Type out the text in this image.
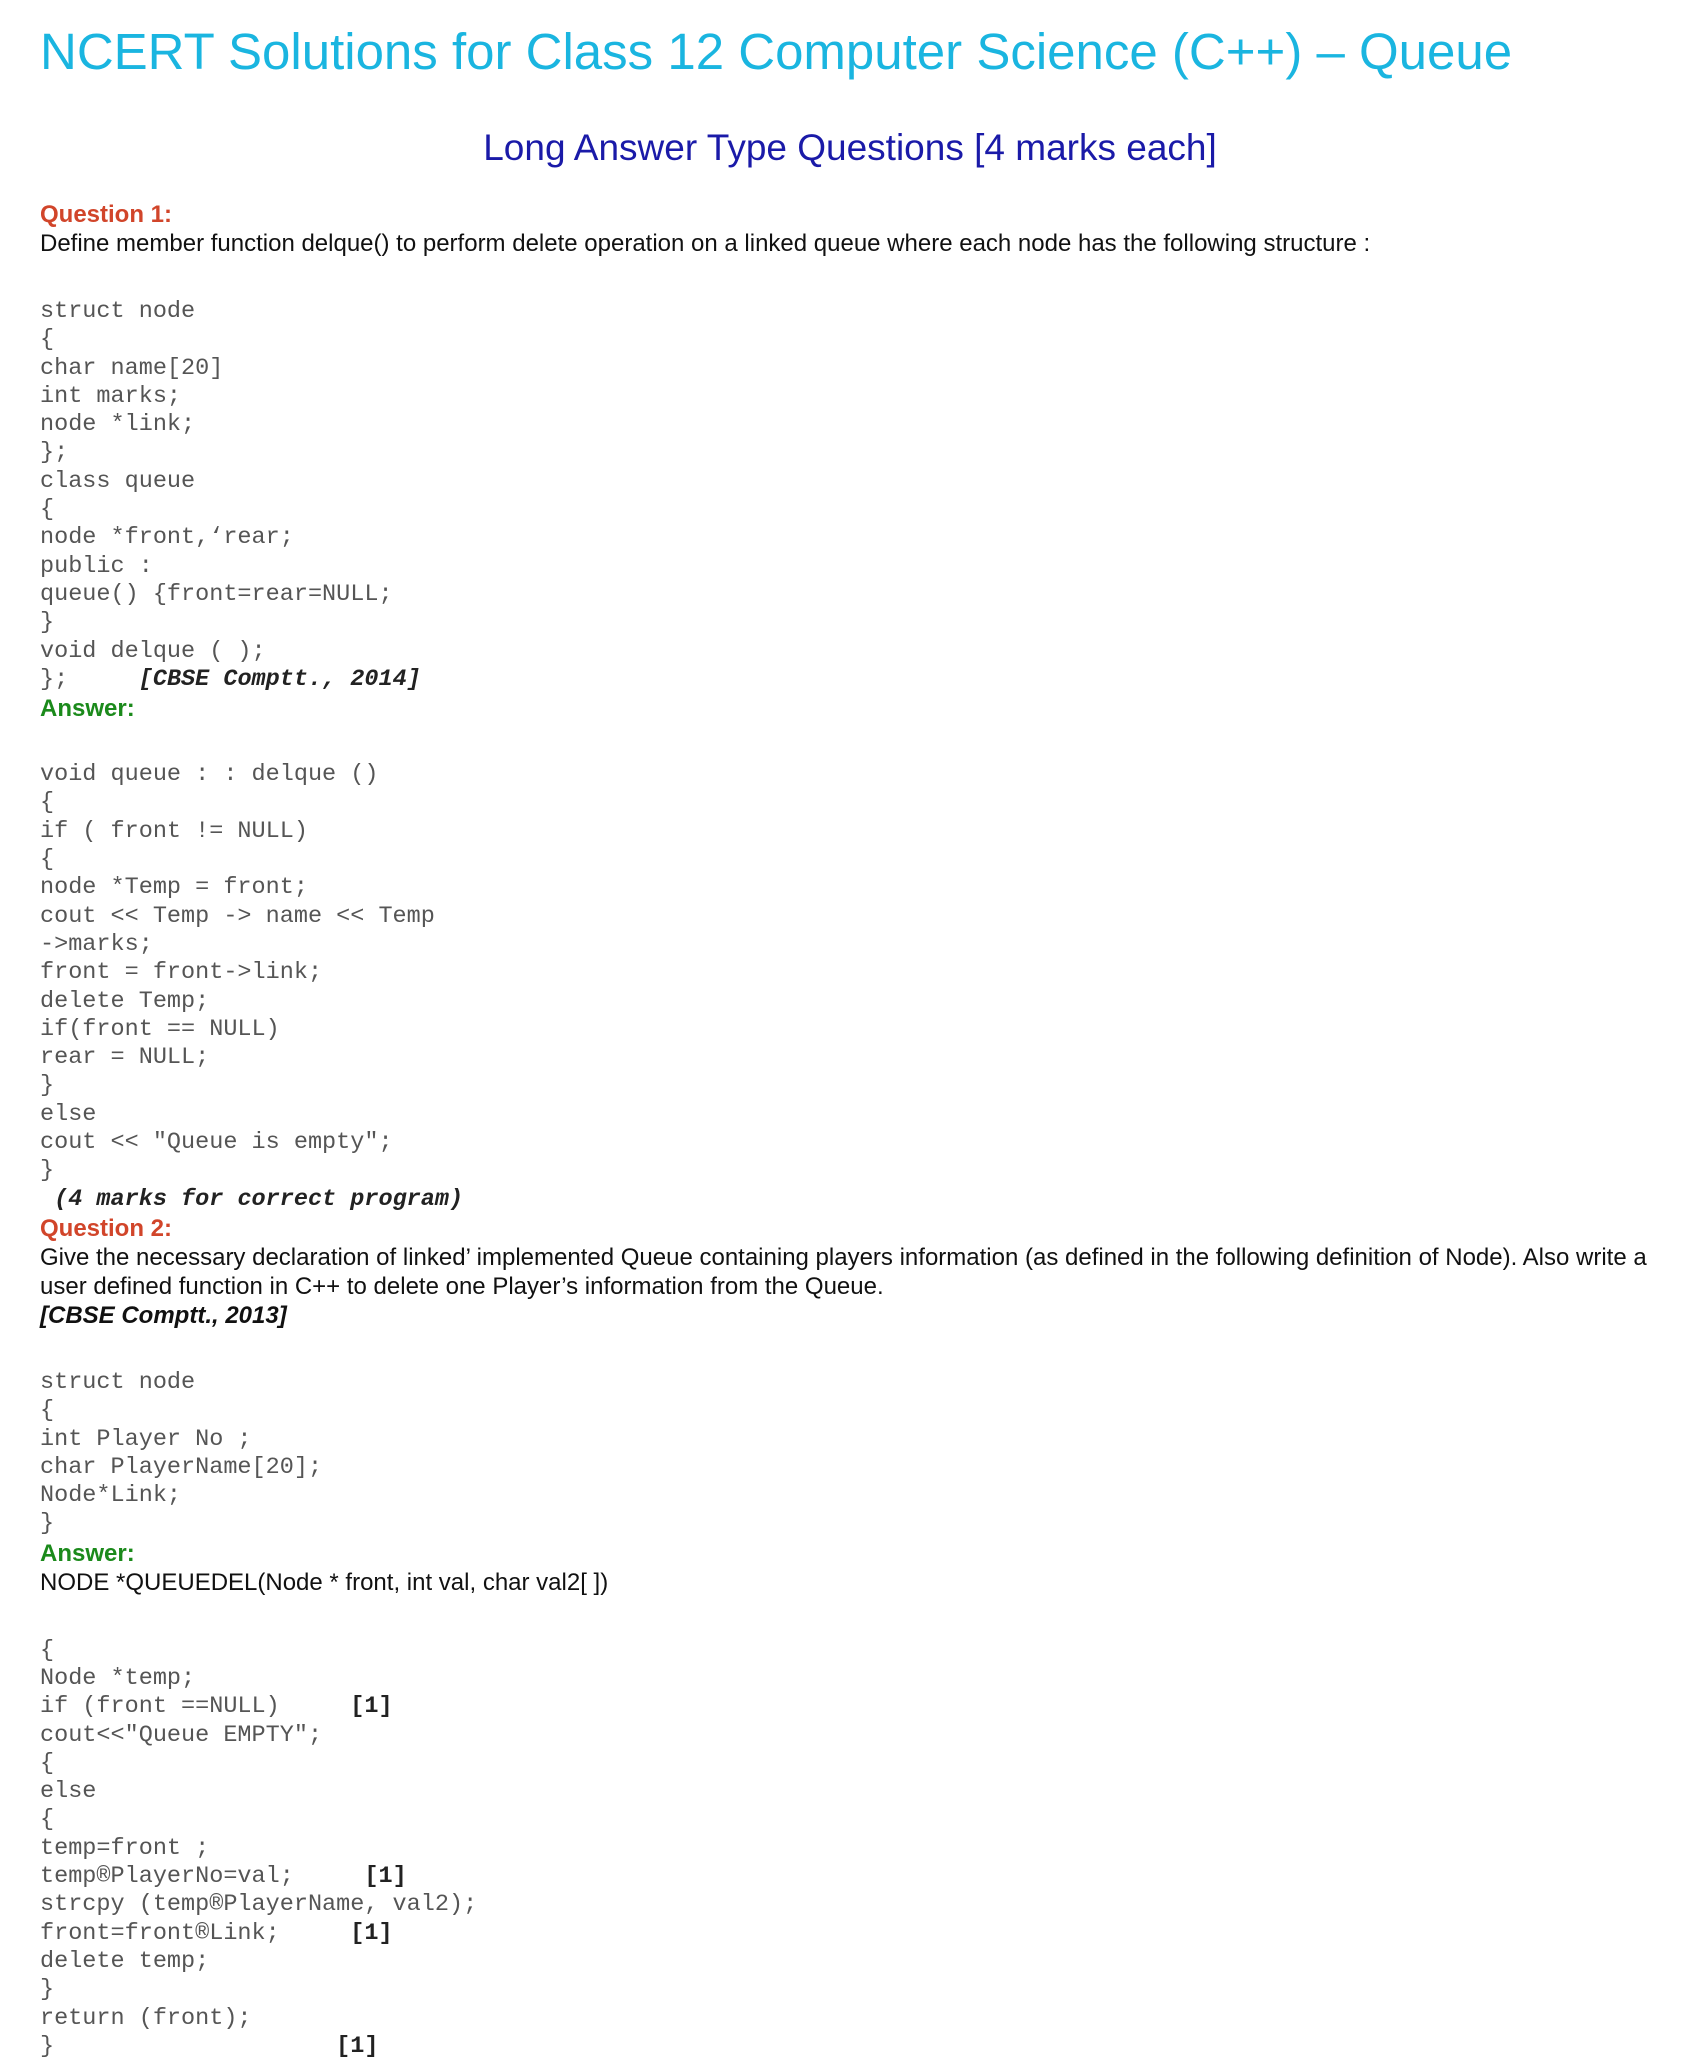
NCERT Solutions for Class 12 Computer Science (C++) – Queue
Long Answer Type Questions [4 marks each]
Question 1:
Define member function delque() to perform delete operation on a linked queue where each node has the following structure :
struct node
{
char name[20]
int marks;
node *link;
};
class queue
{
node *front,‘rear;
public :
queue() {front=rear=NULL;
}
void delque ( );
};	[CBSE Comptt., 2014]
Answer:
void queue : : delque ()
{
if ( front != NULL)
{
node *Temp = front;
cout << Temp -> name << Temp
->marks;
front = front->link;
delete Temp;
if(front == NULL)
rear = NULL;
}
else
cout << "Queue is empty";
}
(4 marks for correct program)
Question 2:
Give the necessary declaration of linked’ implemented Queue containing players information (as defined in the following definition of Node). Also write a user defined function in C++ to delete one Player’s information from the Queue.
[CBSE Comptt., 2013]
struct node
{
int Player No ;
char PlayerName[20];
Node*Link;
}
Answer:
NODE *QUEUEDEL(Node * front, int val, char val2[ ])
{
Node *temp;
if (front ==NULL)	[1]
cout<<"Queue EMPTY";
{
else
{
temp=front ;
temp®PlayerNo=val;	[1]
strcpy (temp®PlayerName, val2);
front=front®Link;	[1]
delete temp;
}
return (front);
}	[1]
